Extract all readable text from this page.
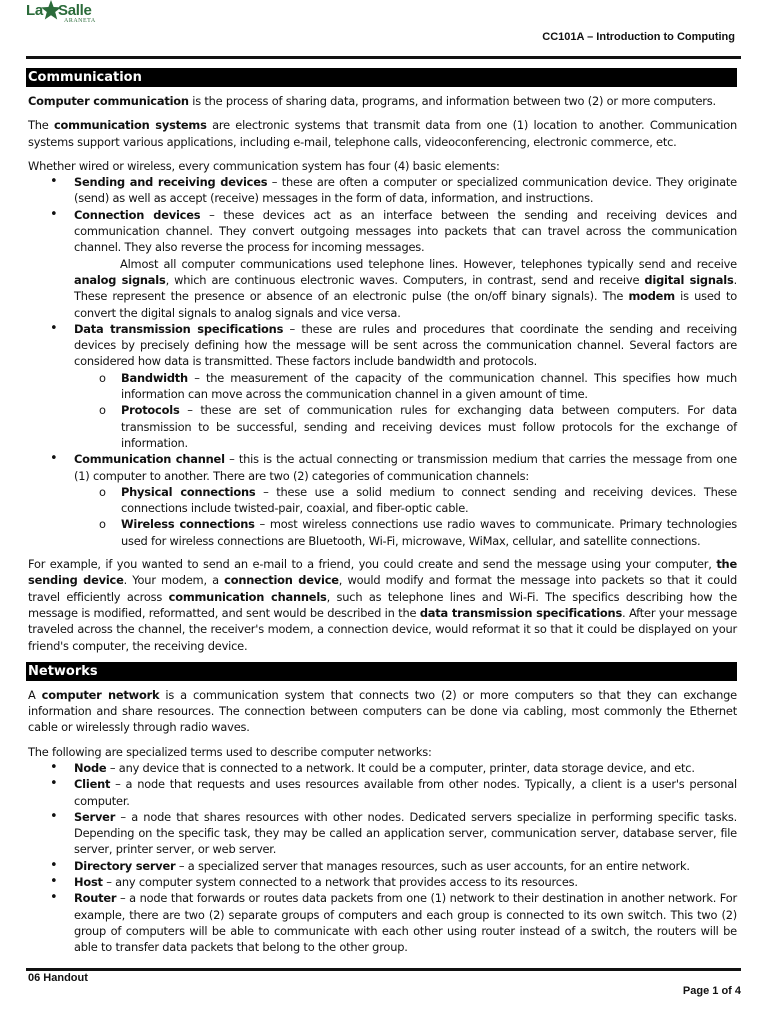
La Salle
ARANETA
CC101A – Introduction to Computing
Communication

Computer communication is the process of sharing data, programs, and information between two (2) or more computers.

The communication systems are electronic systems that transmit data from one (1) location to another. Communication systems support various applications, including e-mail, telephone calls, videoconferencing, electronic commerce, etc.

Whether wired or wireless, every communication system has four (4) basic elements:
• Sending and receiving devices – these are often a computer or specialized communication device. They originate (send) as well as accept (receive) messages in the form of data, information, and instructions.
• Connection devices – these devices act as an interface between the sending and receiving devices and communication channel. They convert outgoing messages into packets that can travel across the communication channel. They also reverse the process for incoming messages.
Almost all computer communications used telephone lines. However, telephones typically send and receive analog signals, which are continuous electronic waves. Computers, in contrast, send and receive digital signals. These represent the presence or absence of an electronic pulse (the on/off binary signals). The modem is used to convert the digital signals to analog signals and vice versa.
• Data transmission specifications – these are rules and procedures that coordinate the sending and receiving devices by precisely defining how the message will be sent across the communication channel. Several factors are considered how data is transmitted. These factors include bandwidth and protocols.
o Bandwidth – the measurement of the capacity of the communication channel. This specifies how much information can move across the communication channel in a given amount of time.
o Protocols – these are set of communication rules for exchanging data between computers. For data transmission to be successful, sending and receiving devices must follow protocols for the exchange of information.
• Communication channel – this is the actual connecting or transmission medium that carries the message from one (1) computer to another. There are two (2) categories of communication channels:
o Physical connections – these use a solid medium to connect sending and receiving devices. These connections include twisted-pair, coaxial, and fiber-optic cable.
o Wireless connections – most wireless connections use radio waves to communicate. Primary technologies used for wireless connections are Bluetooth, Wi-Fi, microwave, WiMax, cellular, and satellite connections.

For example, if you wanted to send an e-mail to a friend, you could create and send the message using your computer, the sending device. Your modem, a connection device, would modify and format the message into packets so that it could travel efficiently across communication channels, such as telephone lines and Wi-Fi. The specifics describing how the message is modified, reformatted, and sent would be described in the data transmission specifications. After your message traveled across the channel, the receiver's modem, a connection device, would reformat it so that it could be displayed on your friend's computer, the receiving device.

Networks

A computer network is a communication system that connects two (2) or more computers so that they can exchange information and share resources. The connection between computers can be done via cabling, most commonly the Ethernet cable or wirelessly through radio waves.

The following are specialized terms used to describe computer networks:
• Node – any device that is connected to a network. It could be a computer, printer, data storage device, and etc.
• Client – a node that requests and uses resources available from other nodes. Typically, a client is a user's personal computer.
• Server – a node that shares resources with other nodes. Dedicated servers specialize in performing specific tasks. Depending on the specific task, they may be called an application server, communication server, database server, file server, printer server, or web server.
• Directory server – a specialized server that manages resources, such as user accounts, for an entire network.
• Host – any computer system connected to a network that provides access to its resources.
• Router – a node that forwards or routes data packets from one (1) network to their destination in another network. For example, there are two (2) separate groups of computers and each group is connected to its own switch. This two (2) group of computers will be able to communicate with each other using router instead of a switch, the routers will be able to transfer data packets that belong to the other group.
06 Handout
Page 1 of 4
